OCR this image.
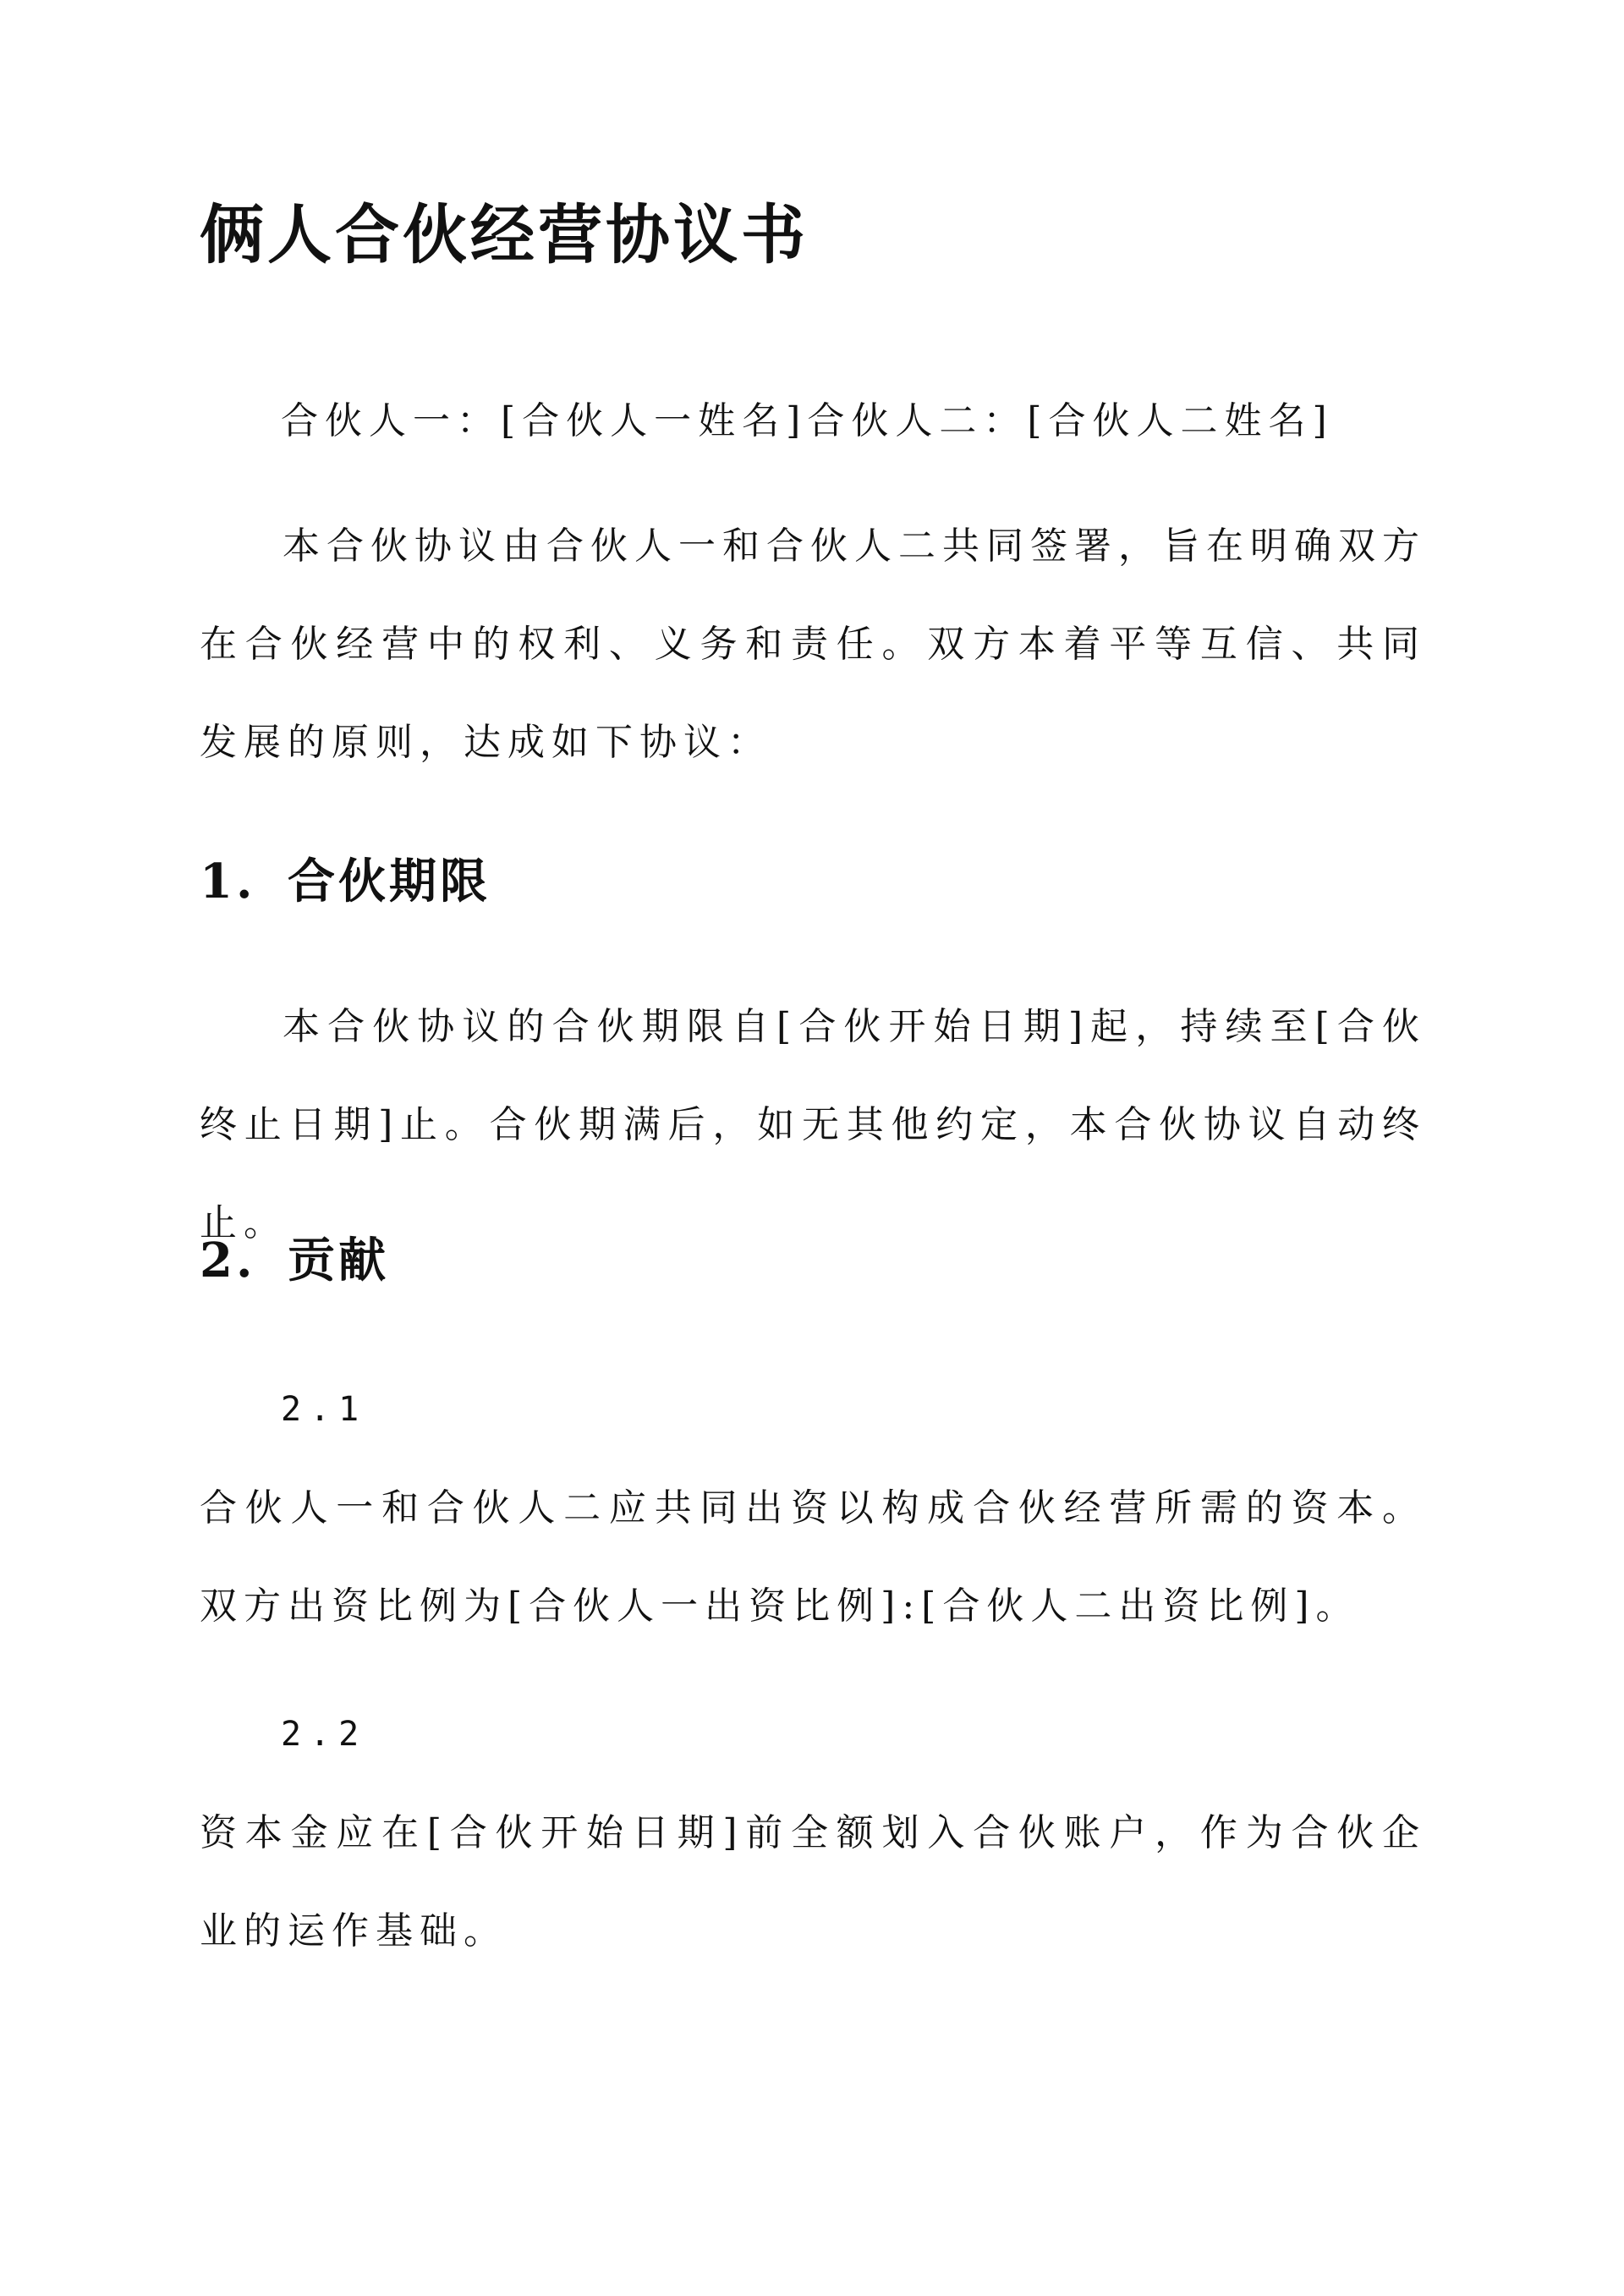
俩人合伙经营协议书

合伙人一：[合伙人一姓名]合伙人二：[合伙人二姓名]

本合伙协议由合伙人一和合伙人二共同签署，旨在明确双方在合伙经营中的权利、义务和责任。双方本着平等互信、共同发展的原则，达成如下协议：

1. 合伙期限

本合伙协议的合伙期限自[合伙开始日期]起，持续至[合伙终止日期]止。合伙期满后，如无其他约定，本合伙协议自动终止。

2. 贡献

2.1

合伙人一和合伙人二应共同出资以构成合伙经营所需的资本。双方出资比例为[合伙人一出资比例]:[合伙人二出资比例]。

2.2

资本金应在[合伙开始日期]前全额划入合伙账户，作为合伙企业的运作基础。
